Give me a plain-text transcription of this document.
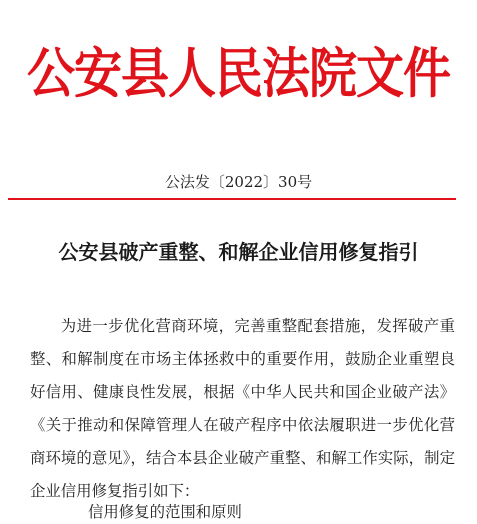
公安县人民法院文件
公法发〔2022〕30号
公安县破产重整、和解企业信用修复指引
为进一步优化营商环境，完善重整配套措施，发挥破产重整、和解制度在市场主体拯救中的重要作用，鼓励企业重塑良好信用、健康良性发展，根据《中华人民共和国企业破产法》《关于推动和保障管理人在破产程序中依法履职进一步优化营商环境的意见》，结合本县企业破产重整、和解工作实际，制定企业信用修复指引如下：
信用修复的范围和原则
